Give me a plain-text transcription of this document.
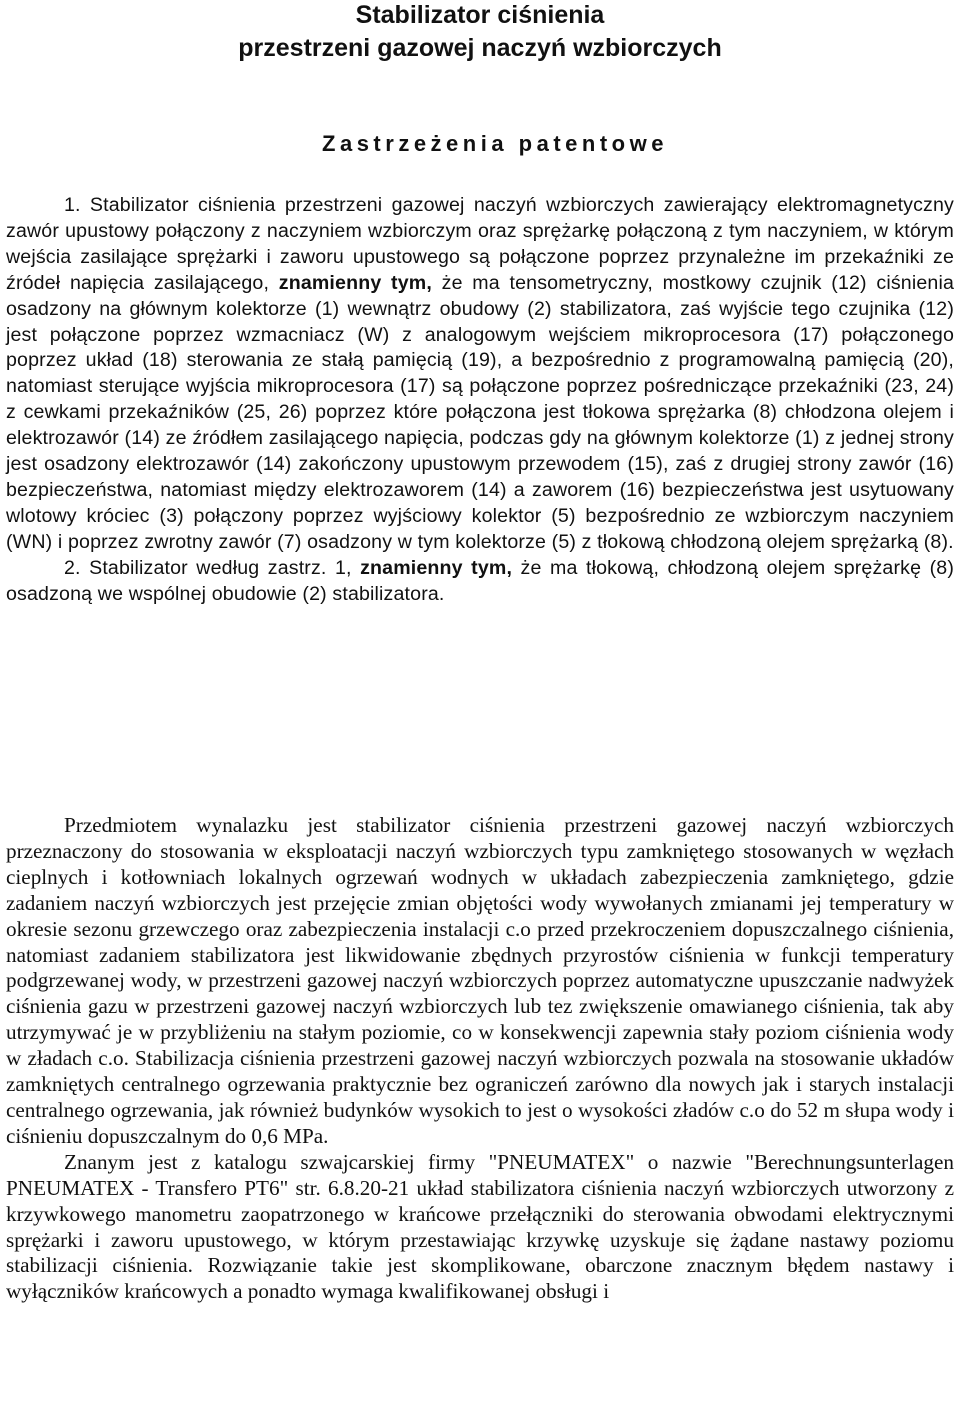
Stabilizator ciśnienia
przestrzeni gazowej naczyń wzbiorczych
Zastrzeżenia patentowe

1. Stabilizator ciśnienia przestrzeni gazowej naczyń wzbiorczych zawierający elektromagnetyczny zawór upustowy połączony z naczyniem wzbiorczym oraz sprężarkę połączoną z tym naczyniem, w którym wejścia zasilające sprężarki i zaworu upustowego są połączone poprzez przynależne im przekaźniki ze źródeł napięcia zasilającego, znamienny tym, że ma tensometryczny, mostkowy czujnik (12) ciśnienia osadzony na głównym kolektorze (1) wewnątrz obudowy (2) stabilizatora, zaś wyjście tego czujnika (12) jest połączone poprzez wzmacniacz (W) z analogowym wejściem mikroprocesora (17) połączonego poprzez układ (18) sterowania ze stałą pamięcią (19), a bezpośrednio z programowalną pamięcią (20), natomiast sterujące wyjścia mikroprocesora (17) są połączone poprzez pośredniczące przekaźniki (23, 24) z cewkami przekaźników (25, 26) poprzez które połączona jest tłokowa sprężarka (8) chłodzona olejem i elektrozawór (14) ze źródłem zasilającego napięcia, podczas gdy na głównym kolektorze (1) z jednej strony jest osadzony elektrozawór (14) zakończony upustowym przewodem (15), zaś z drugiej strony zawór (16) bezpieczeństwa, natomiast między elektrozaworem (14) a zaworem (16) bezpieczeństwa jest usytuowany wlotowy króciec (3) połączony poprzez wyjściowy kolektor (5) bezpośrednio ze wzbiorczym naczyniem (WN) i poprzez zwrotny zawór (7) osadzony w tym kolektorze (5) z tłokową chłodzoną olejem sprężarką (8).

2. Stabilizator według zastrz. 1, znamienny tym, że ma tłokową, chłodzoną olejem sprężarkę (8) osadzoną we wspólnej obudowie (2) stabilizatora.

Przedmiotem wynalazku jest stabilizator ciśnienia przestrzeni gazowej naczyń wzbiorczych przeznaczony do stosowania w eksploatacji naczyń wzbiorczych typu zamkniętego stosowanych w węzłach cieplnych i kotłowniach lokalnych ogrzewań wodnych w układach zabezpieczenia zamkniętego, gdzie zadaniem naczyń wzbiorczych jest przejęcie zmian objętości wody wywołanych zmianami jej temperatury w okresie sezonu grzewczego oraz zabezpieczenia instalacji c.o przed przekroczeniem dopuszczalnego ciśnienia, natomiast zadaniem stabilizatora jest likwidowanie zbędnych przyrostów ciśnienia w funkcji temperatury podgrzewanej wody, w przestrzeni gazowej naczyń wzbiorczych poprzez automatyczne upuszczanie nadwyżek ciśnienia gazu w przestrzeni gazowej naczyń wzbiorczych lub tez zwiększenie omawianego ciśnienia, tak aby utrzymywać je w przybliżeniu na stałym poziomie, co w konsekwencji zapewnia stały poziom ciśnienia wody w zładach c.o. Stabilizacja ciśnienia przestrzeni gazowej naczyń wzbiorczych pozwala na stosowanie układów zamkniętych centralnego ogrzewania praktycznie bez ograniczeń zarówno dla nowych jak i starych instalacji centralnego ogrzewania, jak również budynków wysokich to jest o wysokości zładów c.o do 52 m słupa wody i ciśnieniu dopuszczalnym do 0,6 MPa.

Znanym jest z katalogu szwajcarskiej firmy "PNEUMATEX" o nazwie "Berechnungsunterlagen PNEUMATEX - Transfero PT6" str. 6.8.20-21 układ stabilizatora ciśnienia naczyń wzbiorczych utworzony z krzywkowego manometru zaopatrzonego w krańcowe przełączniki do sterowania obwodami elektrycznymi sprężarki i zaworu upustowego, w którym przestawiając krzywkę uzyskuje się żądane nastawy poziomu stabilizacji ciśnienia. Rozwiązanie takie jest skomplikowane, obarczone znacznym błędem nastawy i wyłączników krańcowych a ponadto wymaga kwalifikowanej obsługi i
